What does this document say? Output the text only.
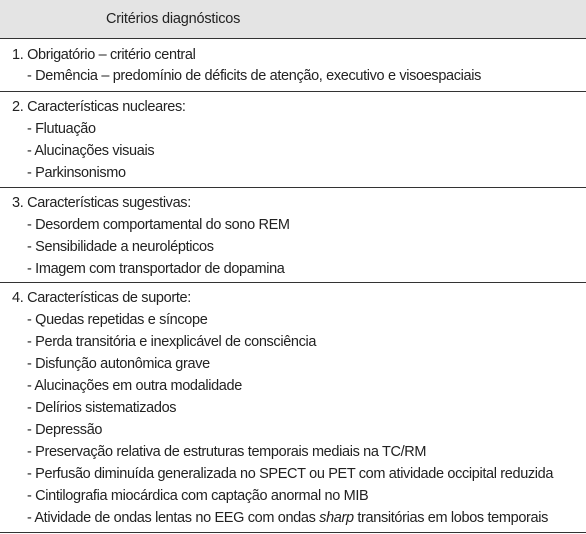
Critérios diagnósticos
1. Obrigatório – critério central
- Demência – predomínio de déficits de atenção, executivo e visoespaciais
2. Características nucleares:
- Flutuação
- Alucinações visuais
- Parkinsonismo
3. Características sugestivas:
- Desordem comportamental do sono REM
- Sensibilidade a neurolépticos
- Imagem com transportador de dopamina
4. Características de suporte:
- Quedas repetidas e síncope
- Perda transitória e inexplicável de consciência
- Disfunção autonômica grave
- Alucinações em outra modalidade
- Delírios sistematizados
- Depressão
- Preservação relativa de estruturas temporais mediais na TC/RM
- Perfusão diminuída generalizada no SPECT ou PET com atividade occipital reduzida
- Cintilografia miocárdica com captação anormal no MIB
- Atividade de ondas lentas no EEG com ondas sharp transitórias em lobos temporais
